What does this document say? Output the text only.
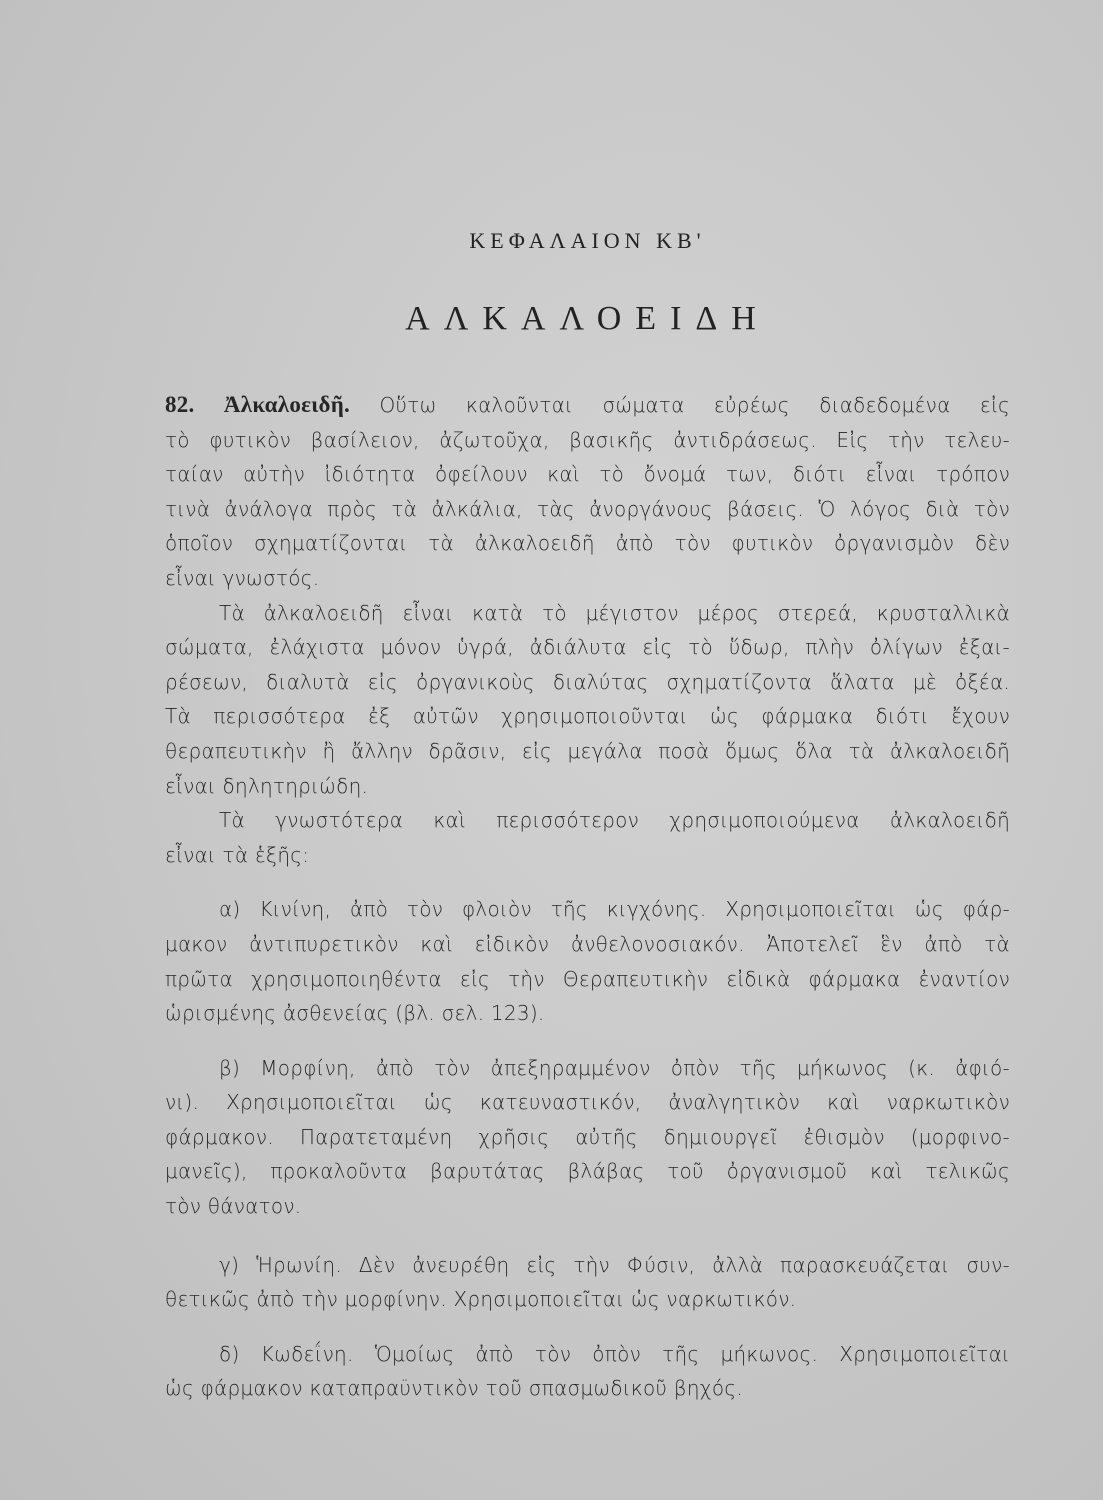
ΚΕΦΑΛΑΙΟΝ ΚΒ'
ΑΛΚΑΛΟΕΙΔΗ
82. Ἀλκαλοειδῆ. Οὕτω καλοῦνται σώματα εὐρέως διαδεδομένα εἰς
τὸ φυτικὸν βασίλειον, ἀζωτοῦχα, βασικῆς ἀντιδράσεως. Εἰς τὴν τελευ-
ταίαν αὐτὴν ἰδιότητα ὀφείλουν καὶ τὸ ὄνομά των, διότι εἶναι τρόπον
τινὰ ἀνάλογα πρὸς τὰ ἀλκάλια, τὰς ἀνοργάνους βάσεις. Ὁ λόγος διὰ τὸν
ὁποῖον σχηματίζονται τὰ ἀλκαλοειδῆ ἀπὸ τὸν φυτικὸν ὀργανισμὸν δὲν
εἶναι γνωστός.
Τὰ ἀλκαλοειδῆ εἶναι κατὰ τὸ μέγιστον μέρος στερεά, κρυσταλλικὰ
σώματα, ἐλάχιστα μόνον ὑγρά, ἀδιάλυτα εἰς τὸ ὕδωρ, πλὴν ὀλίγων ἐξαι-
ρέσεων, διαλυτὰ εἰς ὀργανικοὺς διαλύτας σχηματίζοντα ἅλατα μὲ ὀξέα.
Τὰ περισσότερα ἐξ αὐτῶν χρησιμοποιοῦνται ὡς φάρμακα διότι ἔχουν
θεραπευτικὴν ἢ ἄλλην δρᾶσιν, εἰς μεγάλα ποσὰ ὅμως ὅλα τὰ ἀλκαλοειδῆ
εἶναι δηλητηριώδη.
Τὰ γνωστότερα καὶ περισσότερον χρησιμοποιούμενα ἀλκαλοειδῆ
εἶναι τὰ ἑξῆς:
α) Κινίνη, ἀπὸ τὸν φλοιὸν τῆς κιγχόνης. Χρησιμοποιεῖται ὡς φάρ-
μακον ἀντιπυρετικὸν καὶ εἰδικὸν ἀνθελονοσιακόν. Ἀποτελεῖ ἓν ἀπὸ τὰ
πρῶτα χρησιμοποιηθέντα εἰς τὴν Θεραπευτικὴν εἰδικὰ φάρμακα ἐναντίον
ὡρισμένης ἀσθενείας (βλ. σελ. 123).
β) Μορφίνη, ἀπὸ τὸν ἀπεξηραμμένον ὀπὸν τῆς μήκωνος (κ. ἀφιό-
νι). Χρησιμοποιεῖται ὡς κατευναστικόν, ἀναλγητικὸν καὶ ναρκωτικὸν
φάρμακον. Παρατεταμένη χρῆσις αὐτῆς δημιουργεῖ ἐθισμὸν (μορφινο-
μανεῖς), προκαλοῦντα βαρυτάτας βλάβας τοῦ ὀργανισμοῦ καὶ τελικῶς
τὸν θάνατον.
γ) Ἡρωνίη. Δὲν ἀνευρέθη εἰς τὴν Φύσιν, ἀλλὰ παρασκευάζεται συν-
θετικῶς ἀπὸ τὴν μορφίνην. Χρησιμοποιεῖται ὡς ναρκωτικόν.
δ) Κωδεΐνη. Ὁμοίως ἀπὸ τὸν ὀπὸν τῆς μήκωνος. Χρησιμοποιεῖται
ὡς φάρμακον καταπραϋντικὸν τοῦ σπασμωδικοῦ βηχός.
